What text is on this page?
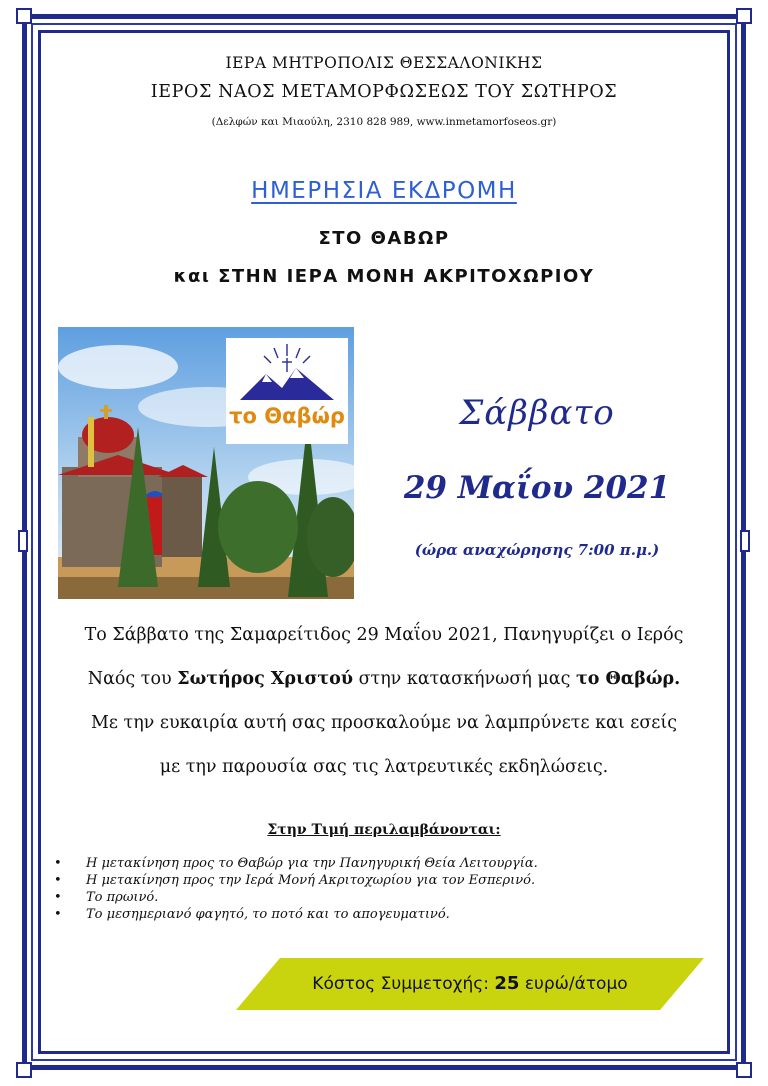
ΙΕΡΑ ΜΗΤΡΟΠΟΛΙΣ ΘΕΣΣΑΛΟΝΙΚΗΣ
ΙΕΡΟΣ ΝΑΟΣ ΜΕΤΑΜΟΡΦΩΣΕΩΣ ΤΟΥ ΣΩΤΗΡΟΣ
(Δελφών και Μιαούλη, 2310 828 989, www.inmetamorfoseos.gr)
ΗΜΕΡΗΣΙΑ ΕΚΔΡΟΜΗ
ΣΤΟ ΘΑΒΩΡ
και ΣΤΗΝ ΙΕΡΑ ΜΟΝΗ ΑΚΡΙΤΟΧΩΡΙΟΥ
το Θαβώρ	Σάββατο
29 Μαΐου 2021
(ώρα αναχώρησης 7:00 π.μ.)
Το Σάββατο της Σαμαρείτιδος 29 Μαΐου 2021, Πανηγυρίζει ο Ιερός
Ναός του Σωτήρος Χριστού στην κατασκήνωσή μας το Θαβώρ.
Με την ευκαιρία αυτή σας προσκαλούμε να λαμπρύνετε και εσείς
με την παρουσία σας τις λατρευτικές εκδηλώσεις.
Στην Τιμή περιλαμβάνονται:
• Η μετακίνηση προς το Θαβώρ για την Πανηγυρική Θεία Λειτουργία.
• Η μετακίνηση προς την Ιερά Μονή Ακριτοχωρίου για τον Εσπερινό.
• Το πρωινό.
• Το μεσημεριανό φαγητό, το ποτό και το απογευματινό.
Κόστος Συμμετοχής: 25 ευρώ/άτομο
